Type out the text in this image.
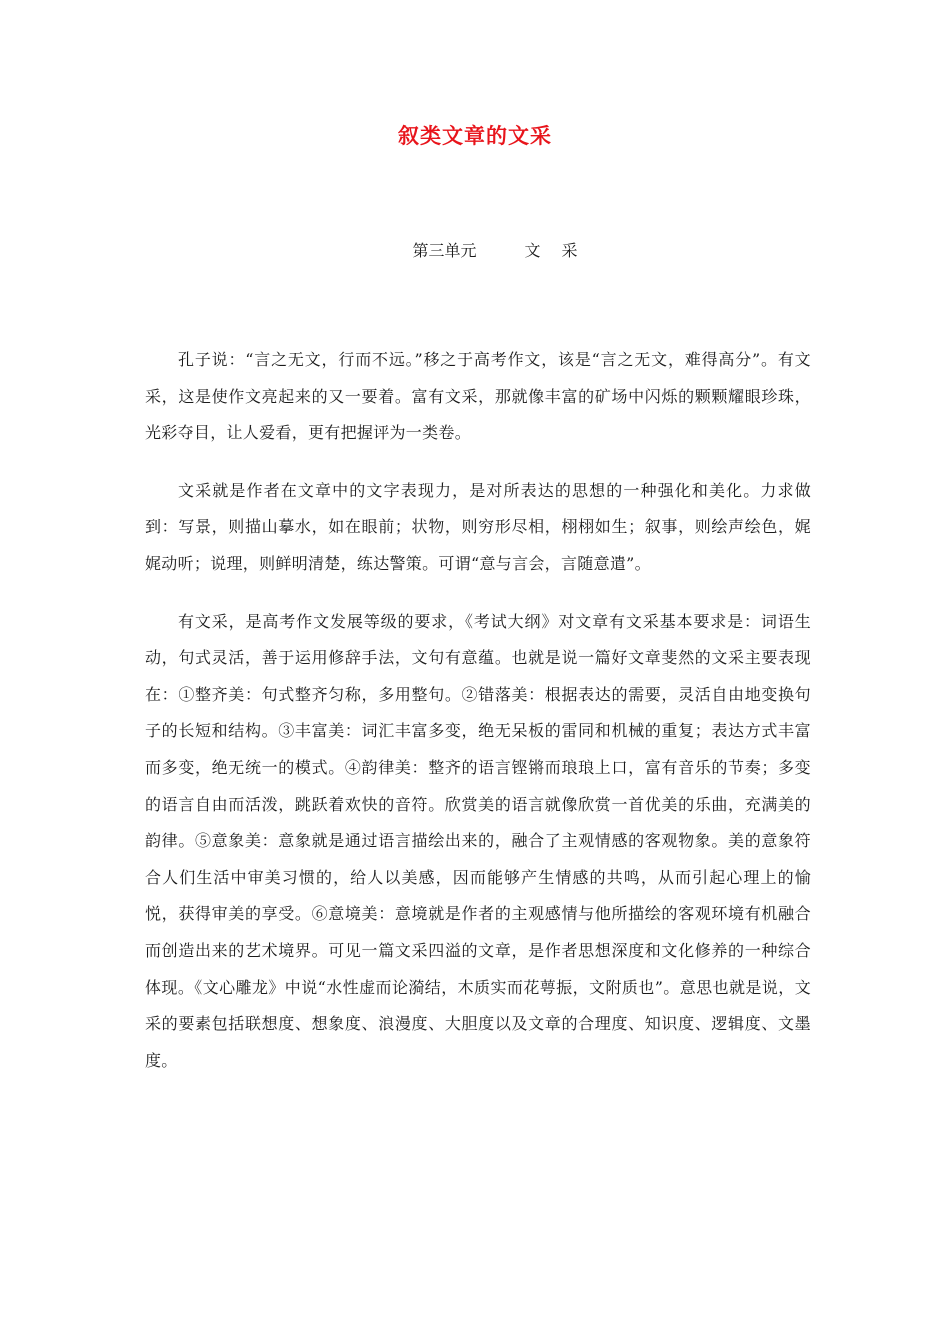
叙类文章的文采
第三单元　　　文　 采

孔子说：“言之无文，行而不远。”移之于高考作文，该是“言之无文，难得高分”。有文采，这是使作文亮起来的又一要着。富有文采，那就像丰富的矿场中闪烁的颗颗耀眼珍珠，光彩夺目，让人爱看，更有把握评为一类卷。

文采就是作者在文章中的文字表现力，是对所表达的思想的一种强化和美化。力求做到：写景，则描山摹水，如在眼前；状物，则穷形尽相，栩栩如生；叙事，则绘声绘色，娓娓动听；说理，则鲜明清楚，练达警策。可谓“意与言会，言随意遣”。

有文采，是高考作文发展等级的要求，《考试大纲》对文章有文采基本要求是：词语生动，句式灵活，善于运用修辞手法，文句有意蕴。也就是说一篇好文章斐然的文采主要表现在：①整齐美：句式整齐匀称，多用整句。②错落美：根据表达的需要，灵活自由地变换句子的长短和结构。③丰富美：词汇丰富多变，绝无呆板的雷同和机械的重复；表达方式丰富而多变，绝无统一的模式。④韵律美：整齐的语言铿锵而琅琅上口，富有音乐的节奏；多变的语言自由而活泼，跳跃着欢快的音符。欣赏美的语言就像欣赏一首优美的乐曲，充满美的韵律。⑤意象美：意象就是通过语言描绘出来的，融合了主观情感的客观物象。美的意象符合人们生活中审美习惯的，给人以美感，因而能够产生情感的共鸣，从而引起心理上的愉悦，获得审美的享受。⑥意境美：意境就是作者的主观感情与他所描绘的客观环境有机融合而创造出来的艺术境界。可见一篇文采四溢的文章，是作者思想深度和文化修养的一种综合体现。《文心雕龙》中说“水性虚而论漪结，木质实而花萼振，文附质也”。意思也就是说，文采的要素包括联想度、想象度、浪漫度、大胆度以及文章的合理度、知识度、逻辑度、文墨度。
